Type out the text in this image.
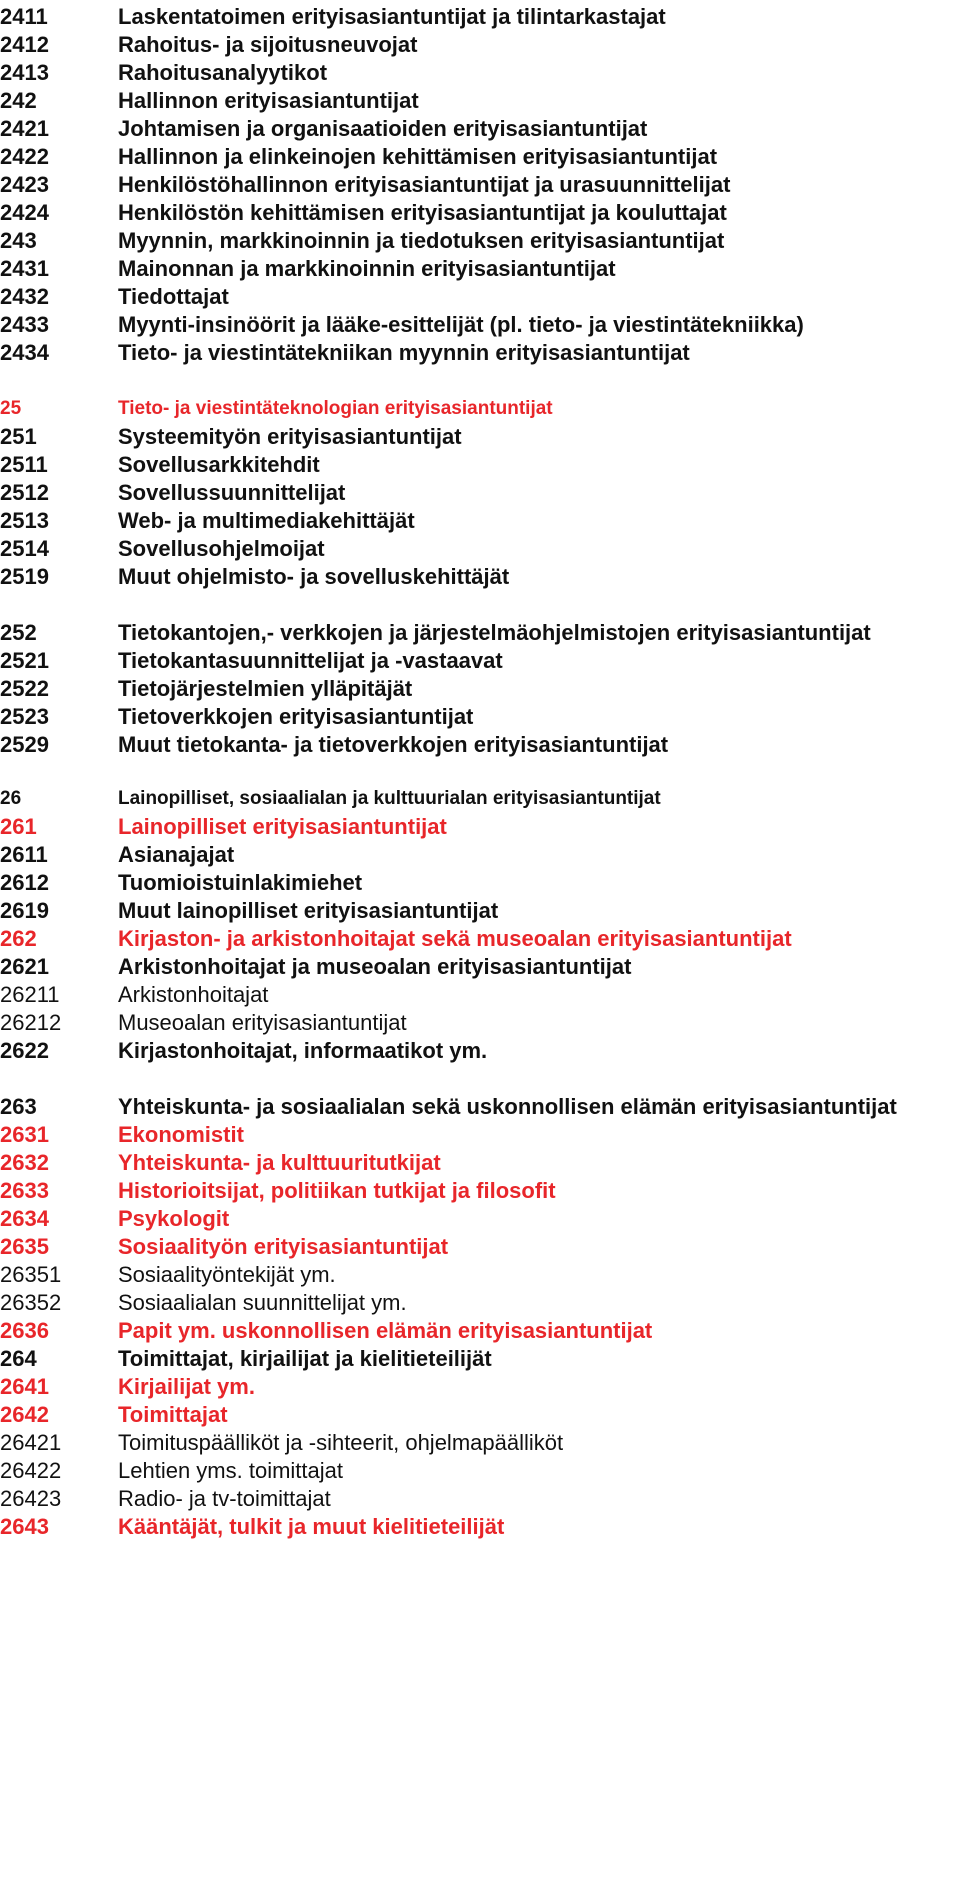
2411	Laskentatoimen erityisasiantuntijat ja tilintarkastajat
2412	Rahoitus- ja sijoitusneuvojat
2413	Rahoitusanalyytikot
242	Hallinnon erityisasiantuntijat
2421	Johtamisen ja organisaatioiden erityisasiantuntijat
2422	Hallinnon ja elinkeinojen kehittämisen erityisasiantuntijat
2423	Henkilöstöhallinnon erityisasiantuntijat ja urasuunnittelijat
2424	Henkilöstön kehittämisen erityisasiantuntijat ja kouluttajat
243	Myynnin, markkinoinnin ja tiedotuksen erityisasiantuntijat
2431	Mainonnan ja markkinoinnin erityisasiantuntijat
2432	Tiedottajat
2433	Myynti-insinöörit ja lääke-esittelijät (pl. tieto- ja viestintätekniikka)
2434	Tieto- ja viestintätekniikan myynnin erityisasiantuntijat
25	Tieto- ja viestintäteknologian erityisasiantuntijat
251	Systeemityön erityisasiantuntijat
2511	Sovellusarkkitehdit
2512	Sovellussuunnittelijat
2513	Web- ja multimediakehittäjät
2514	Sovellusohjelmoijat
2519	Muut ohjelmisto- ja sovelluskehittäjät
252	Tietokantojen,- verkkojen ja järjestelmäohjelmistojen erityisasiantuntijat
2521	Tietokantasuunnittelijat ja -vastaavat
2522	Tietojärjestelmien ylläpitäjät
2523	Tietoverkkojen erityisasiantuntijat
2529	Muut tietokanta- ja tietoverkkojen erityisasiantuntijat
26	Lainopilliset, sosiaalialan ja kulttuurialan erityisasiantuntijat
261	Lainopilliset erityisasiantuntijat
2611	Asianajajat
2612	Tuomioistuinlakimiehet
2619	Muut lainopilliset erityisasiantuntijat
262	Kirjaston- ja arkistonhoitajat sekä museoalan erityisasiantuntijat
2621	Arkistonhoitajat ja museoalan erityisasiantuntijat
26211	Arkistonhoitajat
26212	Museoalan erityisasiantuntijat
2622	Kirjastonhoitajat, informaatikot ym.
263	Yhteiskunta- ja sosiaalialan sekä uskonnollisen elämän erityisasiantuntijat
2631	Ekonomistit
2632	Yhteiskunta- ja kulttuuritutkijat
2633	Historioitsijat, politiikan tutkijat ja filosofit
2634	Psykologit
2635	Sosiaalityön erityisasiantuntijat
26351	Sosiaalityöntekijät ym.
26352	Sosiaalialan suunnittelijat ym.
2636	Papit ym. uskonnollisen elämän erityisasiantuntijat
264	Toimittajat, kirjailijat ja kielitieteilijät
2641	Kirjailijat ym.
2642	Toimittajat
26421	Toimituspäälliköt ja -sihteerit, ohjelmapäälliköt
26422	Lehtien yms. toimittajat
26423	Radio- ja tv-toimittajat
2643	Kääntäjät, tulkit ja muut kielitieteilijät
